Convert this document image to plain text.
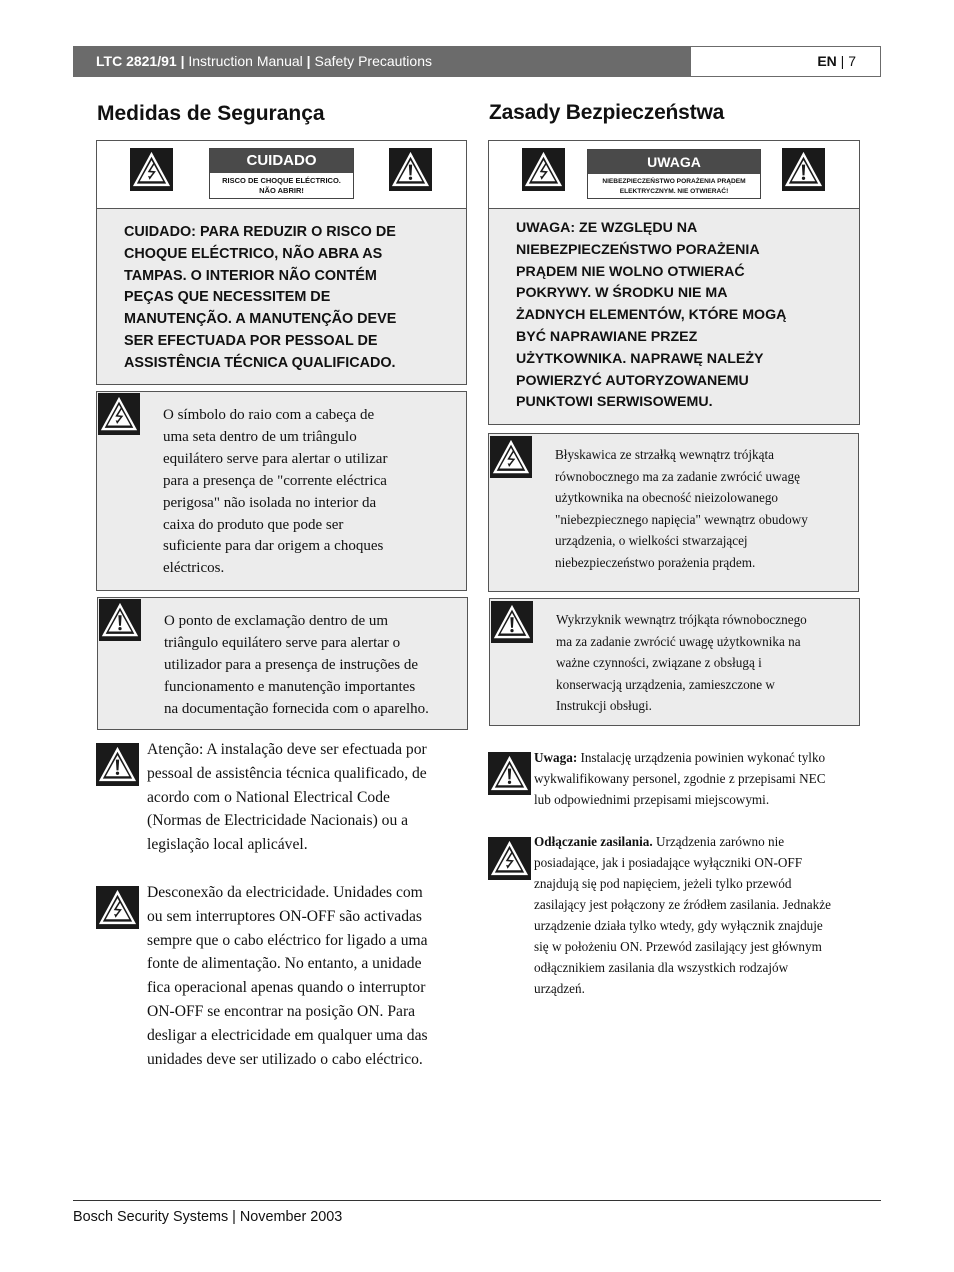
LTC 2821/91 | Instruction Manual | Safety Precautions	EN | 7
Medidas de Segurança	Zasady Bezpieczeństwa
CUIDADO
RISCO DE CHOQUE ELÉCTRICO.
NÃO ABRIR!
CUIDADO: PARA REDUZIR O RISCO DE
CHOQUE ELÉCTRICO, NÃO ABRA AS
TAMPAS. O INTERIOR NÃO CONTÉM
PEÇAS QUE NECESSITEM DE
MANUTENÇÃO. A MANUTENÇÃO DEVE
SER EFECTUADA POR PESSOAL DE
ASSISTÊNCIA TÉCNICA QUALIFICADO.
O símbolo do raio com a cabeça de
uma seta dentro de um triângulo
equilátero serve para alertar o utilizar
para a presença de "corrente eléctrica
perigosa" não isolada no interior da
caixa do produto que pode ser
suficiente para dar origem a choques
eléctricos.
O ponto de exclamação dentro de um
triângulo equilátero serve para alertar o
utilizador para a presença de instruções de
funcionamento e manutenção importantes
na documentação fornecida com o aparelho.
Atenção: A instalação deve ser efectuada por
pessoal de assistência técnica qualificado, de
acordo com o National Electrical Code
(Normas de Electricidade Nacionais) ou a
legislação local aplicável.
Desconexão da electricidade. Unidades com
ou sem interruptores ON-OFF são activadas
sempre que o cabo eléctrico for ligado a uma
fonte de alimentação. No entanto, a unidade
fica operacional apenas quando o interruptor
ON-OFF se encontrar na posição ON. Para
desligar a electricidade em qualquer uma das
unidades deve ser utilizado o cabo eléctrico.
UWAGA
NIEBEZPIECZEŃSTWO PORAŻENIA PRĄDEM
ELEKTRYCZNYM. NIE OTWIERAĆ!
UWAGA: ZE WZGLĘDU NA
NIEBEZPIECZEŃSTWO PORAŻENIA
PRĄDEM NIE WOLNO OTWIERAĆ
POKRYWY. W ŚRODKU NIE MA
ŻADNYCH ELEMENTÓW, KTÓRE MOGĄ
BYĆ NAPRAWIANE PRZEZ
UŻYTKOWNIKA. NAPRAWĘ NALEŻY
POWIERZYĆ AUTORYZOWANEMU
PUNKTOWI SERWISOWEMU.
Błyskawica ze strzałką wewnątrz trójkąta
równobocznego ma za zadanie zwrócić uwagę
użytkownika na obecność nieizolowanego
"niebezpiecznego napięcia" wewnątrz obudowy
urządzenia, o wielkości stwarzającej
niebezpieczeństwo porażenia prądem.
Wykrzyknik wewnątrz trójkąta równobocznego
ma za zadanie zwrócić uwagę użytkownika na
ważne czynności, związane z obsługą i
konserwacją urządzenia, zamieszczone w
Instrukcji obsługi.
Uwaga: Instalację urządzenia powinien wykonać tylko
wykwalifikowany personel, zgodnie z przepisami NEC
lub odpowiednimi przepisami miejscowymi.
Odłączanie zasilania. Urządzenia zarówno nie
posiadające, jak i posiadające wyłączniki ON-OFF
znajdują się pod napięciem, jeżeli tylko przewód
zasilający jest połączony ze źródłem zasilania. Jednakże
urządzenie działa tylko wtedy, gdy wyłącznik znajduje
się w położeniu ON. Przewód zasilający jest głównym
odłącznikiem zasilania dla wszystkich rodzajów
urządzeń.
Bosch Security Systems | November 2003
